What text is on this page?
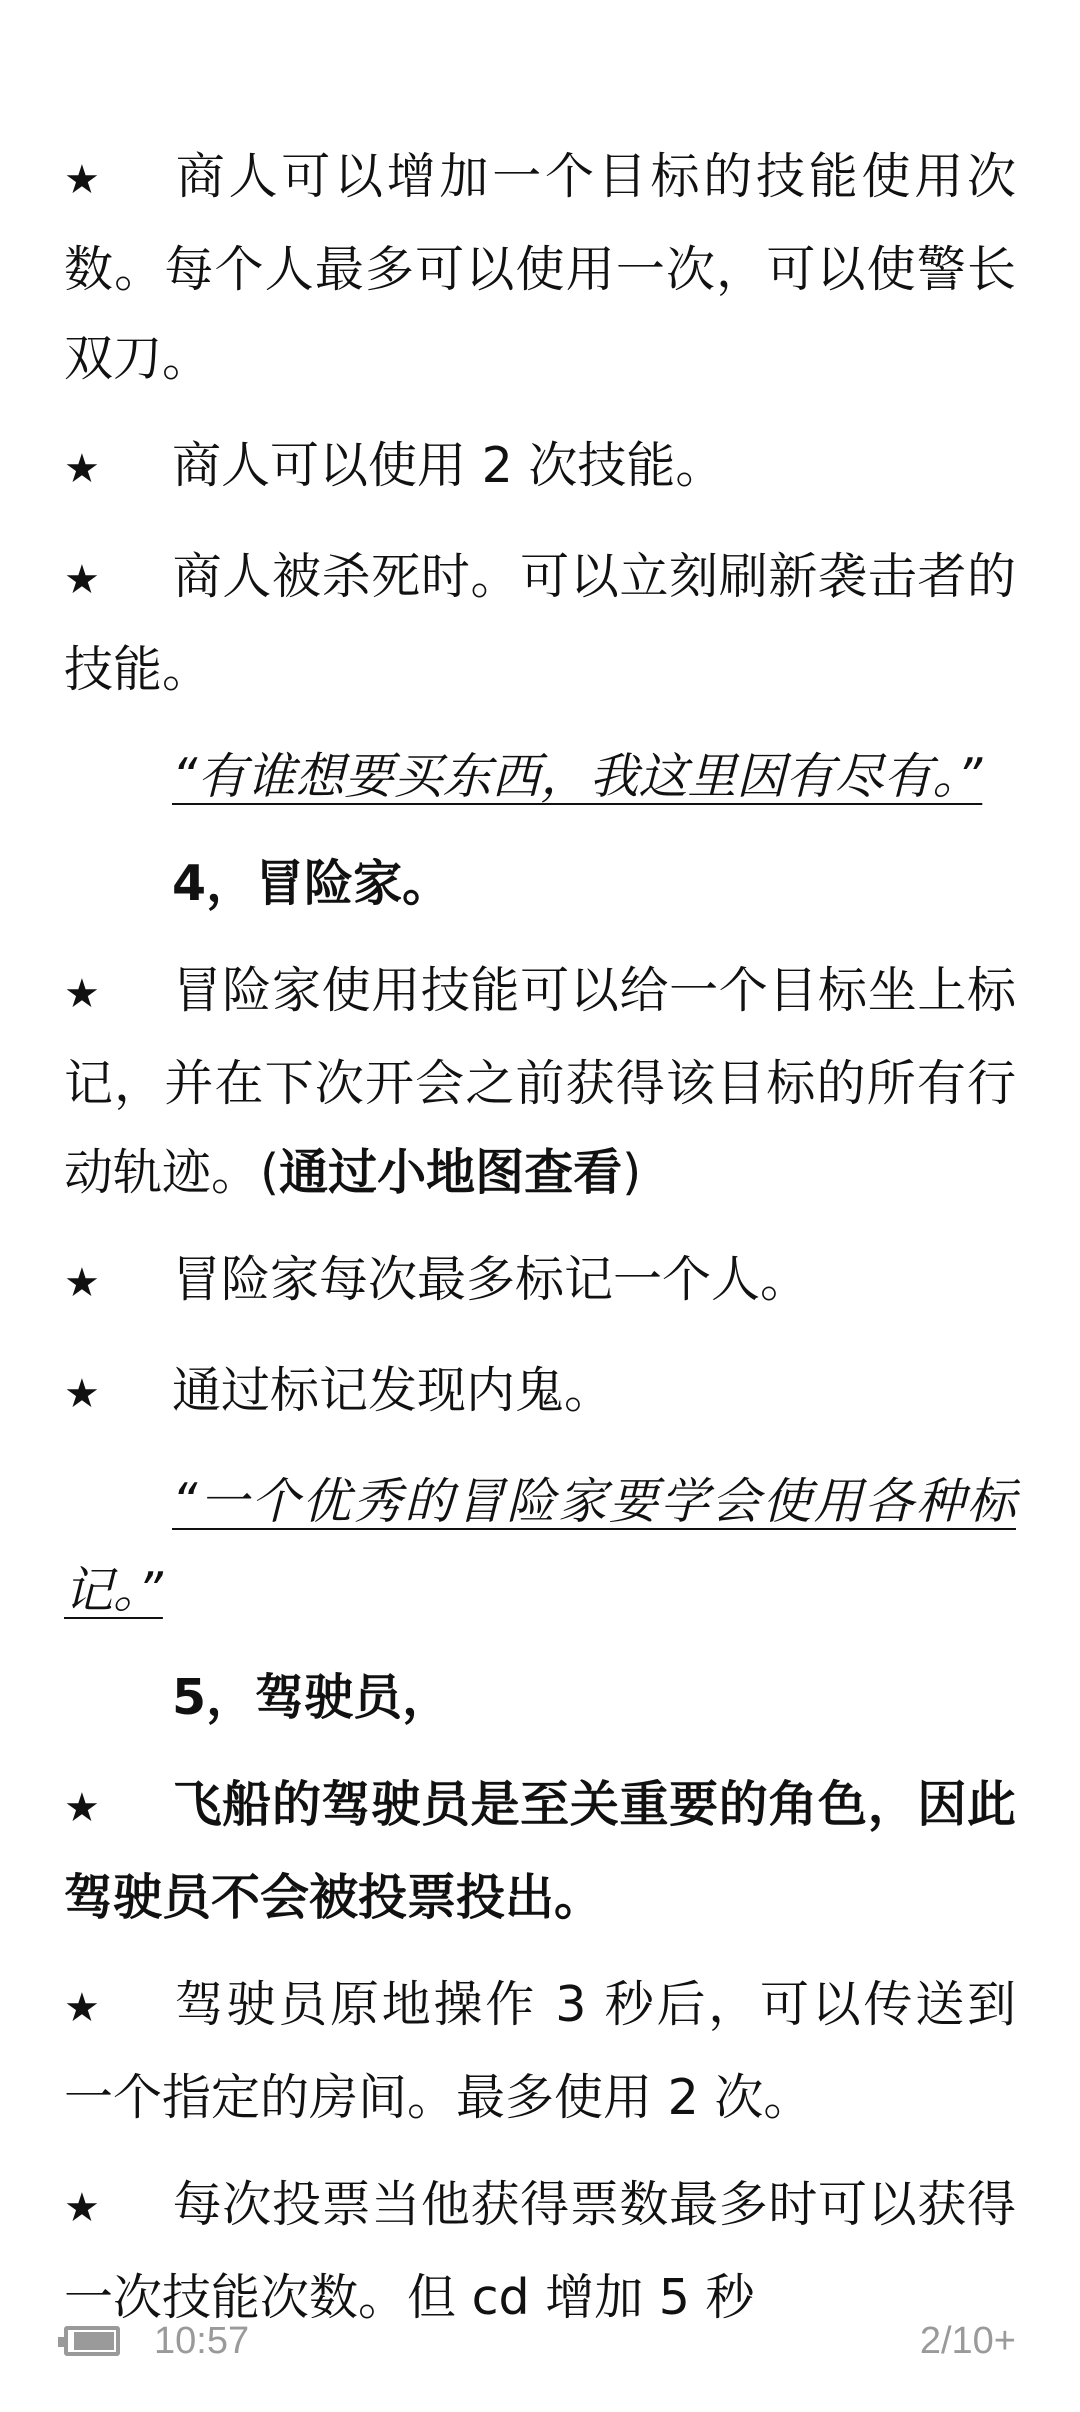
★ 商人可以增加一个目标的技能使用次数。每个人最多可以使用一次，可以使警长双刀。

★ 商人可以使用 2 次技能。

★ 商人被杀死时。可以立刻刷新袭击者的技能。

“有谁想要买东西，我这里因有尽有。”

4，冒险家。

★ 冒险家使用技能可以给一个目标坐上标记，并在下次开会之前获得该目标的所有行动轨迹。(通过小地图查看)

★ 冒险家每次最多标记一个人。

★ 通过标记发现内鬼。

“一个优秀的冒险家要学会使用各种标记。”

5，驾驶员，

★ 飞船的驾驶员是至关重要的角色，因此驾驶员不会被投票投出。

★ 驾驶员原地操作 3 秒后，可以传送到一个指定的房间。最多使用 2 次。

★ 每次投票当他获得票数最多时可以获得一次技能次数。但 cd 增加 5 秒

10:57	2/10+
